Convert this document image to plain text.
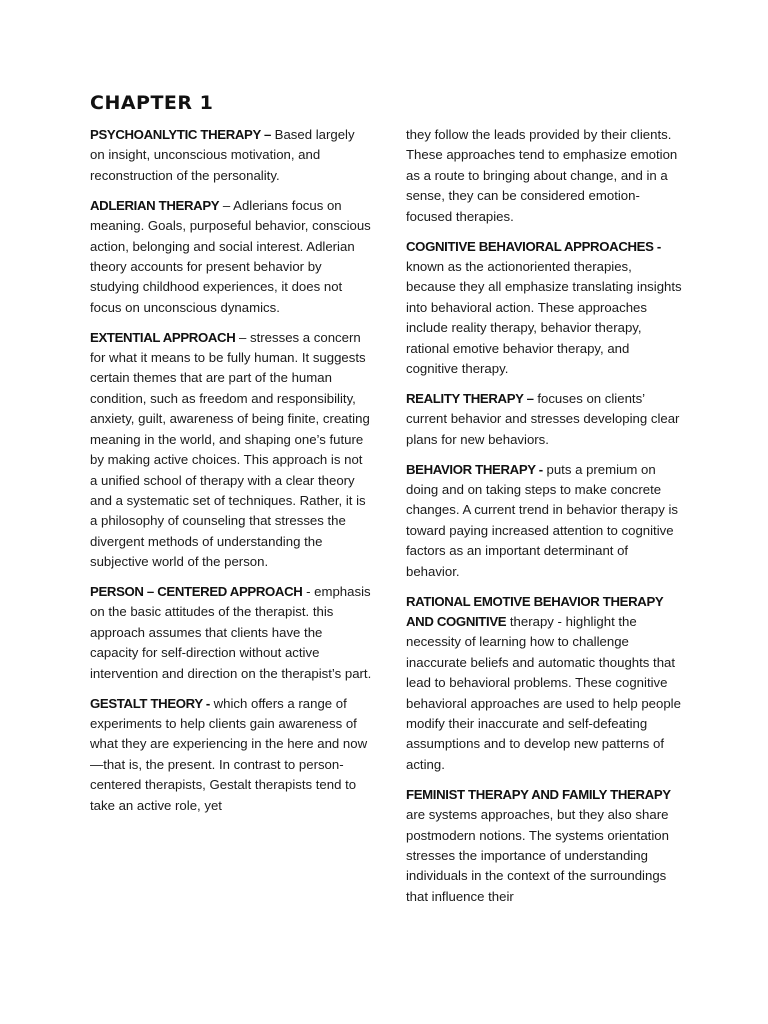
CHAPTER 1

PSYCHOANLYTIC THERAPY – Based largely on insight, unconscious motivation, and reconstruction of the personality.

ADLERIAN THERAPY – Adlerians focus on meaning. Goals, purposeful behavior, conscious action, belonging and social interest. Adlerian theory accounts for present behavior by studying childhood experiences, it does not focus on unconscious dynamics.

EXTENTIAL APPROACH – stresses a concern for what it means to be fully human. It suggests certain themes that are part of the human condition, such as freedom and responsibility, anxiety, guilt, awareness of being finite, creating meaning in the world, and shaping one’s future by making active choices. This approach is not a unified school of therapy with a clear theory and a systematic set of techniques. Rather, it is a philosophy of counseling that stresses the divergent methods of understanding the subjective world of the person.

PERSON – CENTERED APPROACH - emphasis on the basic attitudes of the therapist. this approach assumes that clients have the capacity for self-direction without active intervention and direction on the therapist’s part.

GESTALT THEORY - which offers a range of experiments to help clients gain awareness of what they are experiencing in the here and now—that is, the present. In contrast to person-centered therapists, Gestalt therapists tend to take an active role, yet

they follow the leads provided by their clients. These approaches tend to emphasize emotion as a route to bringing about change, and in a sense, they can be considered emotion-focused therapies.

COGNITIVE BEHAVIORAL APPROACHES - known as the actionoriented therapies, because they all emphasize translating insights into behavioral action. These approaches include reality therapy, behavior therapy, rational emotive behavior therapy, and cognitive therapy.

REALITY THERAPY – focuses on clients’ current behavior and stresses developing clear plans for new behaviors.

BEHAVIOR THERAPY - puts a premium on doing and on taking steps to make concrete changes. A current trend in behavior therapy is toward paying increased attention to cognitive factors as an important determinant of behavior.

RATIONAL EMOTIVE BEHAVIOR THERAPY AND COGNITIVE therapy - highlight the necessity of learning how to challenge inaccurate beliefs and automatic thoughts that lead to behavioral problems. These cognitive behavioral approaches are used to help people modify their inaccurate and self-defeating assumptions and to develop new patterns of acting.

FEMINIST THERAPY AND FAMILY THERAPY are systems approaches, but they also share postmodern notions. The systems orientation stresses the importance of understanding individuals in the context of the surroundings that influence their
